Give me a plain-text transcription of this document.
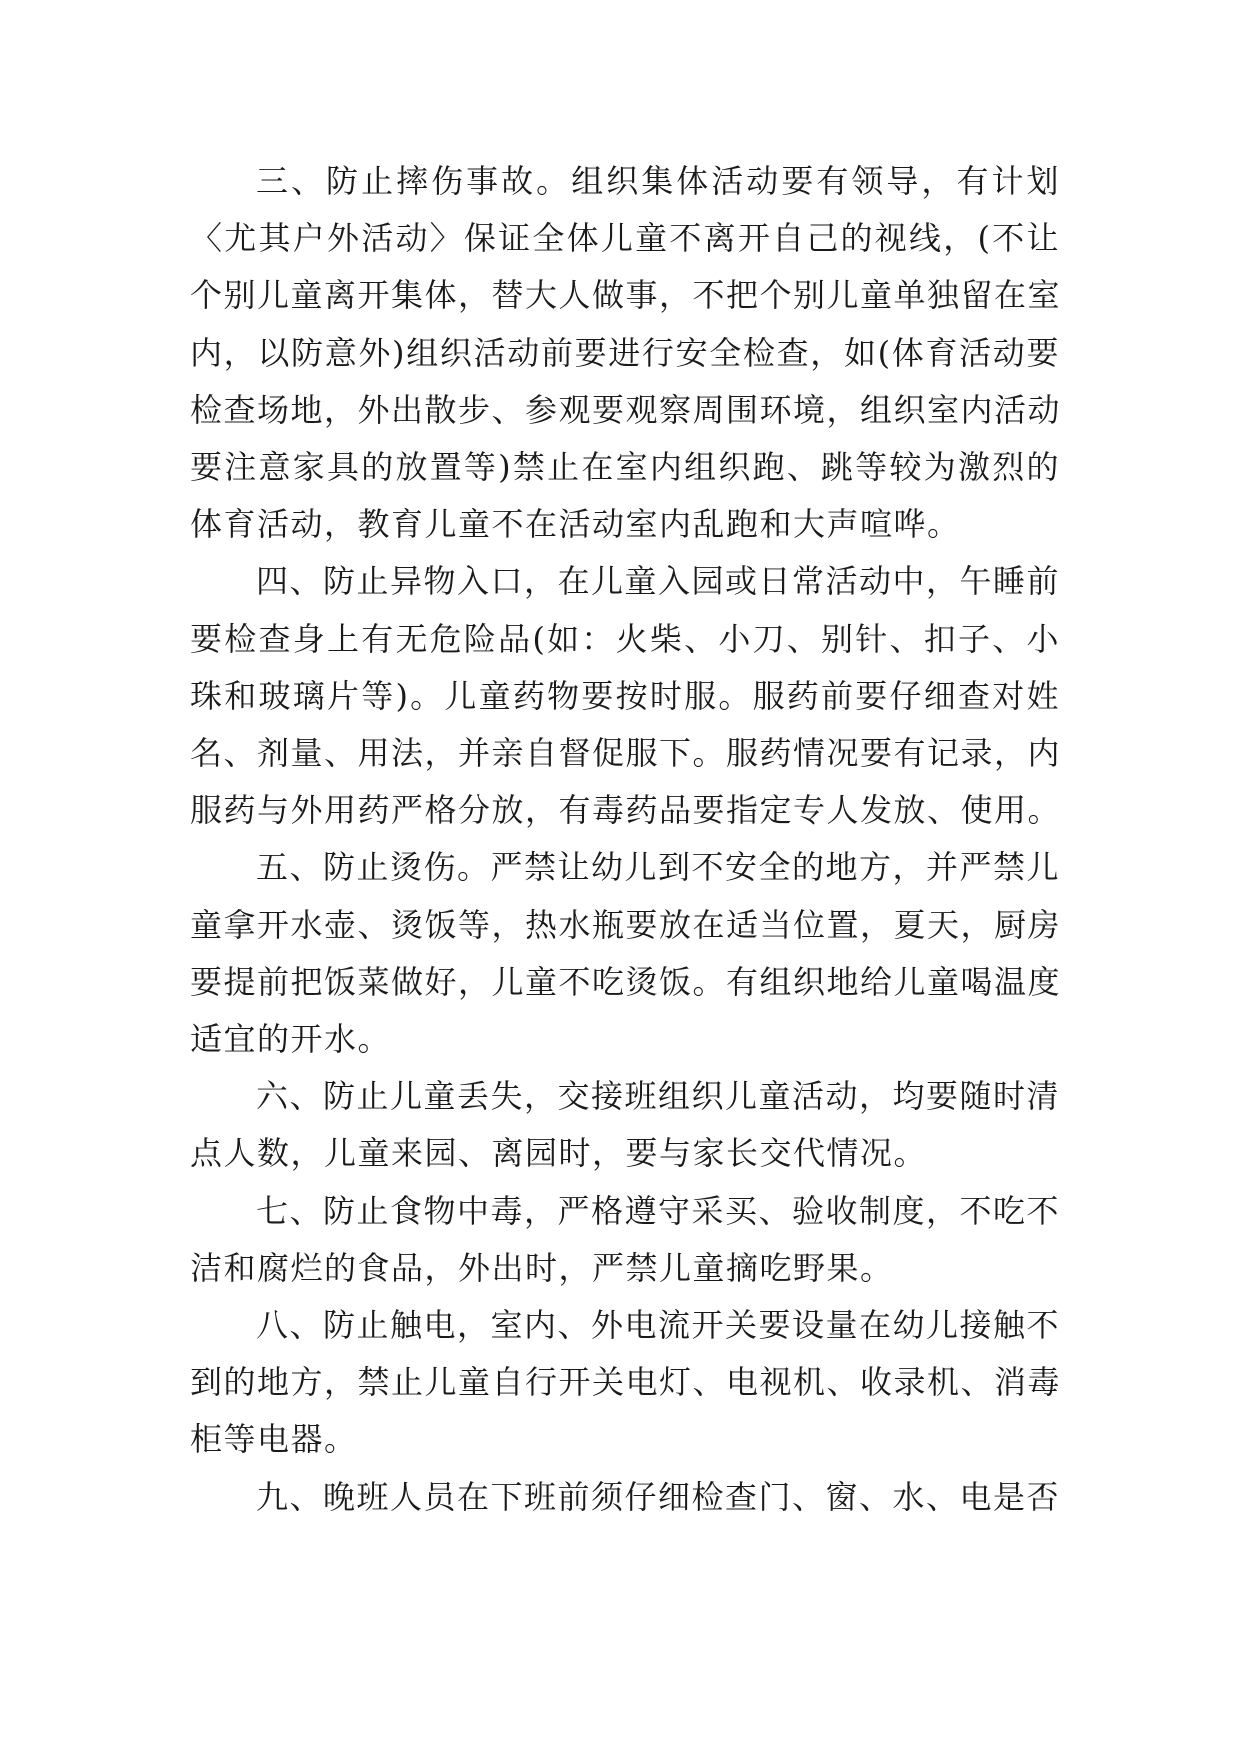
三、防止摔伤事故。组织集体活动要有领导，有计划
〈尤其户外活动〉保证全体儿童不离开自己的视线，(不让
个别儿童离开集体，替大人做事，不把个别儿童单独留在室
内，以防意外)组织活动前要进行安全检查，如(体育活动要
检查场地，外出散步、参观要观察周围环境，组织室内活动
要注意家具的放置等)禁止在室内组织跑、跳等较为激烈的
体育活动，教育儿童不在活动室内乱跑和大声喧哗。

四、防止异物入口，在儿童入园或日常活动中，午睡前
要检查身上有无危险品(如：火柴、小刀、别针、扣子、小
珠和玻璃片等)。儿童药物要按时服。服药前要仔细查对姓
名、剂量、用法，并亲自督促服下。服药情况要有记录，内
服药与外用药严格分放，有毒药品要指定专人发放、使用。

五、防止烫伤。严禁让幼儿到不安全的地方，并严禁儿
童拿开水壶、烫饭等，热水瓶要放在适当位置，夏天，厨房
要提前把饭菜做好，儿童不吃烫饭。有组织地给儿童喝温度
适宜的开水。

六、防止儿童丢失，交接班组织儿童活动，均要随时清
点人数，儿童来园、离园时，要与家长交代情况。

七、防止食物中毒，严格遵守采买、验收制度，不吃不
洁和腐烂的食品，外出时，严禁儿童摘吃野果。

八、防止触电，室内、外电流开关要设量在幼儿接触不
到的地方，禁止儿童自行开关电灯、电视机、收录机、消毒
柜等电器。

九、晚班人员在下班前须仔细检查门、窗、水、电是否
